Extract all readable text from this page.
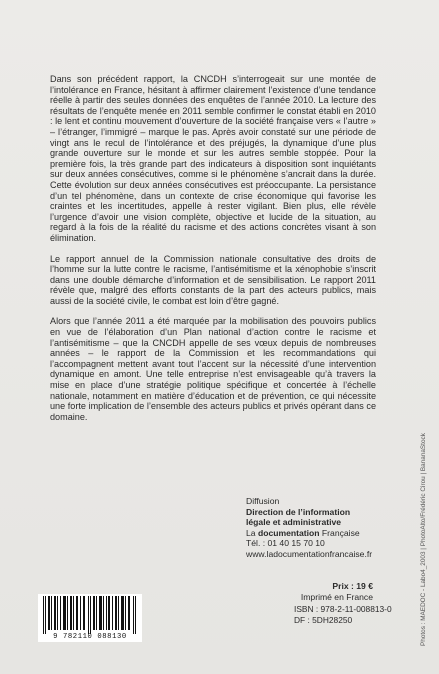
Dans son précédent rapport, la CNCDH s’interrogeait sur une montée de l’intolérance en France, hésitant à affirmer clairement l’existence d’une tendance réelle à partir des seules données des enquêtes de l’année 2010. La lecture des résultats de l’enquête menée en 2011 semble confirmer le constat établi en 2010 : le lent et continu mouvement d’ouverture de la société française vers « l’autre » – l’étranger, l’immigré – marque le pas. Après avoir constaté sur une période de vingt ans le recul de l’intolérance et des préjugés, la dynamique d’une plus grande ouverture sur le monde et sur les autres semble stoppée. Pour la première fois, la très grande part des indicateurs à disposition sont inquiétants sur deux années consécutives, comme si le phénomène s’ancrait dans la durée. Cette évolution sur deux années consécutives est préoccupante. La persistance d’un tel phénomène, dans un contexte de crise économique qui favorise les craintes et les incertitudes, appelle à rester vigilant. Bien plus, elle révèle l’urgence d’avoir une vision complète, objective et lucide de la situation, au regard à la fois de la réalité du racisme et des actions concrètes visant à son élimination.

Le rapport annuel de la Commission nationale consultative des droits de l’homme sur la lutte contre le racisme, l’antisémitisme et la xénophobie s’inscrit dans une double démarche d’information et de sensibilisation. Le rapport 2011 révèle que, malgré des efforts constants de la part des acteurs publics, mais aussi de la société civile, le combat est loin d’être gagné.

Alors que l’année 2011 a été marquée par la mobilisation des pouvoirs publics en vue de l’élaboration d’un Plan national d’action contre le racisme et l’antisémitisme – que la CNCDH appelle de ses vœux depuis de nombreuses années – le rapport de la Commission et les recommandations qui l’accompagnent mettent avant tout l’accent sur la nécessité d’une intervention dynamique en amont. Une telle entreprise n’est envisageable qu’à travers la mise en place d’une stratégie politique spécifique et concertée à l’échelle nationale, notamment en matière d’éducation et de prévention, ce qui nécessite une forte implication de l’ensemble des acteurs publics et privés opérant dans ce domaine.

Diffusion
Direction de l’information
légale et administrative
La documentation Française
Tél. : 01 40 15 70 10
www.ladocumentationfrancaise.fr
Prix : 19 €
Imprimé en France
ISBN : 978-2-11-008813-0
DF : 5DH28250
9 782110 088130	Photos : MAEDOC - Labo4_2003 | PhotoAlto/Frédéric Cirou | BananaStock
